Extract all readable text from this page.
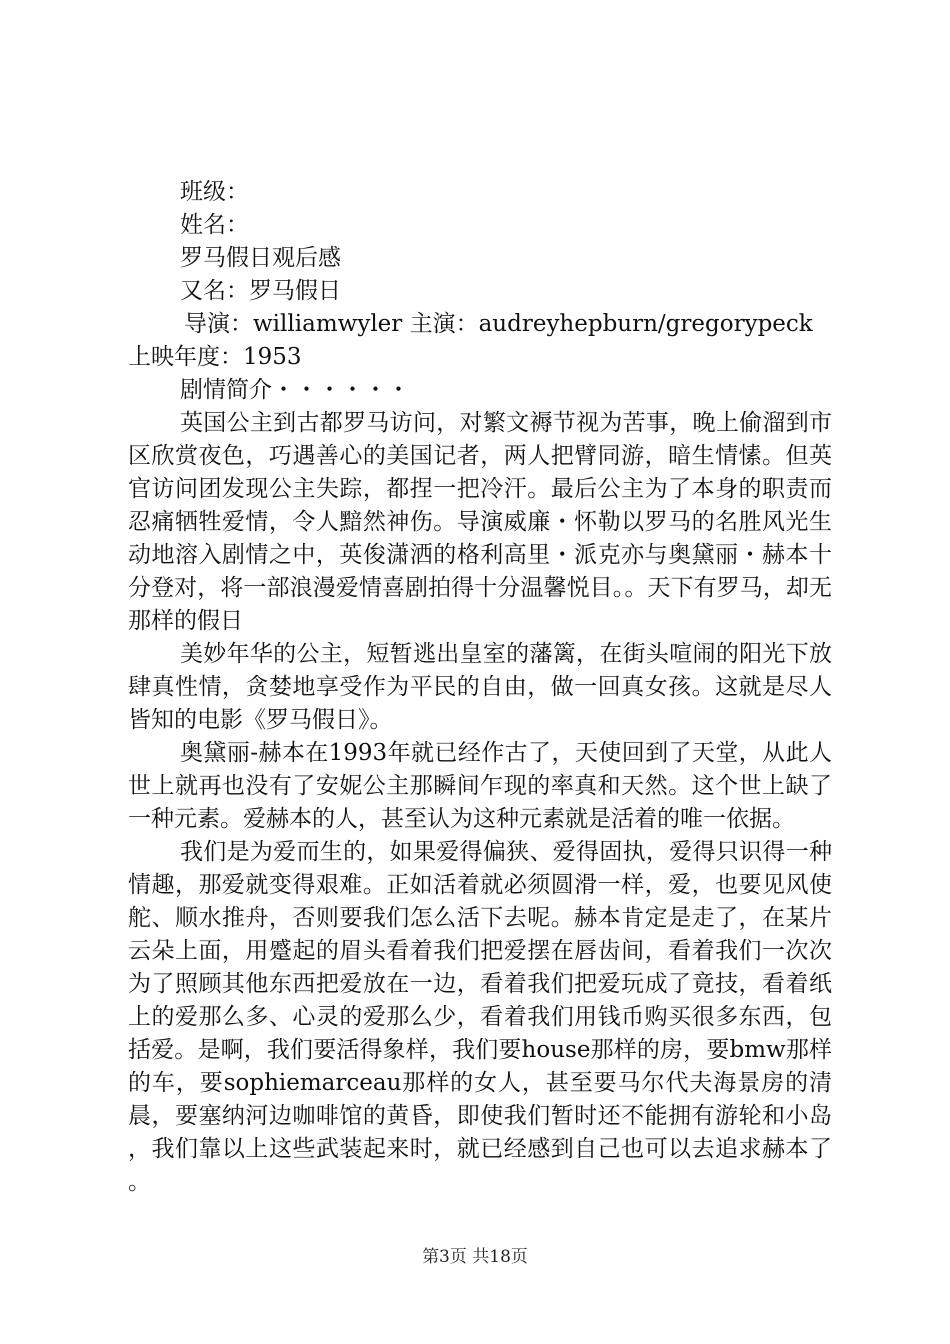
班级：

姓名：

罗马假日观后感

又名：罗马假日

导演：williamwyler 主演：audreyhepburn/gregorypeck

上映年度：1953

剧情简介・・・・・・

英国公主到古都罗马访问，对繁文褥节视为苦事，晚上偷溜到市区欣赏夜色，巧遇善心的美国记者，两人把臂同游，暗生情愫。但英官访问团发现公主失踪，都捏一把冷汗。最后公主为了本身的职责而忍痛牺牲爱情，令人黯然神伤。导演威廉・怀勒以罗马的名胜风光生动地溶入剧情之中，英俊潇洒的格利高里・派克亦与奥黛丽・赫本十分登对，将一部浪漫爱情喜剧拍得十分温馨悦目。。天下有罗马，却无那样的假日

美妙年华的公主，短暂逃出皇室的藩篱，在街头喧闹的阳光下放肆真性情，贪婪地享受作为平民的自由，做一回真女孩。这就是尽人皆知的电影《罗马假日》。

奥黛丽-赫本在1993年就已经作古了，天使回到了天堂，从此人世上就再也没有了安妮公主那瞬间乍现的率真和天然。这个世上缺了一种元素。爱赫本的人，甚至认为这种元素就是活着的唯一依据。

我们是为爱而生的，如果爱得偏狭、爱得固执，爱得只识得一种情趣，那爱就变得艰难。正如活着就必须圆滑一样，爱，也要见风使舵、顺水推舟，否则要我们怎么活下去呢。赫本肯定是走了，在某片云朵上面，用蹙起的眉头看着我们把爱摆在唇齿间，看着我们一次次为了照顾其他东西把爱放在一边，看着我们把爱玩成了竟技，看着纸上的爱那么多、心灵的爱那么少，看着我们用钱币购买很多东西，包括爱。是啊，我们要活得象样，我们要house那样的房，要bmw那样的车，要sophiemarceau那样的女人，甚至要马尔代夫海景房的清晨，要塞纳河边咖啡馆的黄昏，即使我们暂时还不能拥有游轮和小岛，我们靠以上这些武装起来时，就已经感到自己也可以去追求赫本了。

第3页 共18页
